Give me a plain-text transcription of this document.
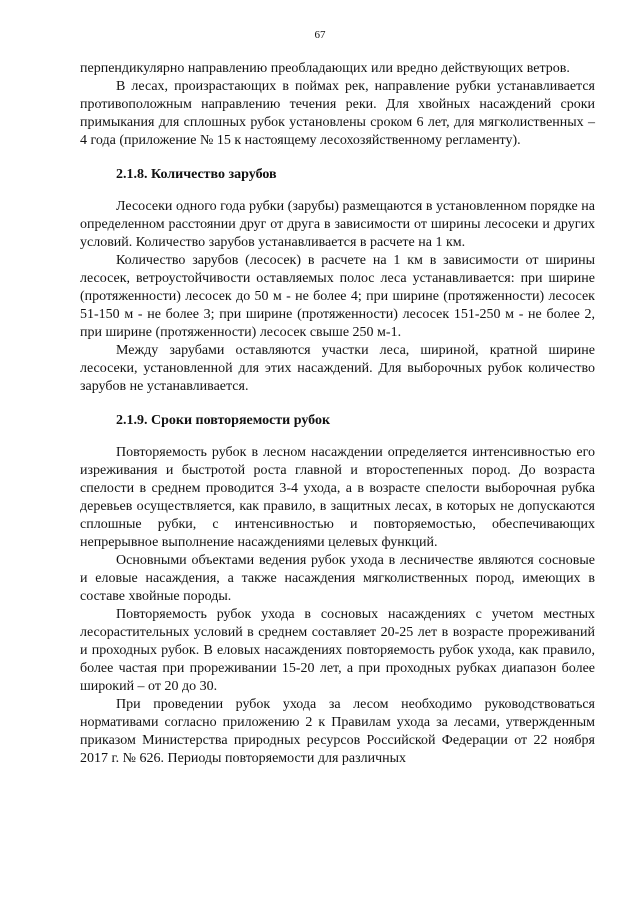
67

перпендикулярно направлению преобладающих или вредно действующих ветров.

В лесах, произрастающих в поймах рек, направление рубки устанавливается противоположным направлению течения реки. Для хвойных насаждений сроки примыкания для сплошных рубок установлены сроком 6 лет, для мягколиственных – 4 года (приложение № 15 к настоящему лесохозяйственному регламенту).

2.1.8. Количество зарубов

Лесосеки одного года рубки (зарубы) размещаются в установленном порядке на определенном расстоянии друг от друга в зависимости от ширины лесосеки и других условий. Количество зарубов устанавливается в расчете на 1 км.

Количество зарубов (лесосек) в расчете на 1 км в зависимости от ширины лесосек, ветроустойчивости оставляемых полос леса устанавливается: при ширине (протяженности) лесосек до 50 м - не более 4; при ширине (протяженности) лесосек 51-150 м - не более 3; при ширине (протяженности) лесосек 151-250 м - не более 2, при ширине (протяженности) лесосек свыше 250 м-1.

Между зарубами оставляются участки леса, шириной, кратной ширине лесосеки, установленной для этих насаждений. Для выборочных рубок количество зарубов не устанавливается.

2.1.9. Сроки повторяемости рубок

Повторяемость рубок в лесном насаждении определяется интенсивностью его изреживания и быстротой роста главной и второстепенных пород. До возраста спелости в среднем проводится 3-4 ухода, а в возрасте спелости выборочная рубка деревьев осуществляется, как правило, в защитных лесах, в которых не допускаются сплошные рубки, с интенсивностью и повторяемостью, обеспечивающих непрерывное выполнение насаждениями целевых функций.

Основными объектами ведения рубок ухода в лесничестве являются сосновые и еловые насаждения, а также насаждения мягколиственных пород, имеющих в составе хвойные породы.

Повторяемость рубок ухода в сосновых насаждениях с учетом местных лесорастительных условий в среднем составляет 20-25 лет в возрасте прореживаний и проходных рубок. В еловых насаждениях повторяемость рубок ухода, как правило, более частая при прореживании 15-20 лет, а при проходных рубках диапазон более широкий – от 20 до 30.

При проведении рубок ухода за лесом необходимо руководствоваться нормативами согласно приложению 2 к Правилам ухода за лесами, утвержденным приказом Министерства природных ресурсов Российской Федерации от 22 ноября 2017 г. № 626. Периоды повторяемости для различных
